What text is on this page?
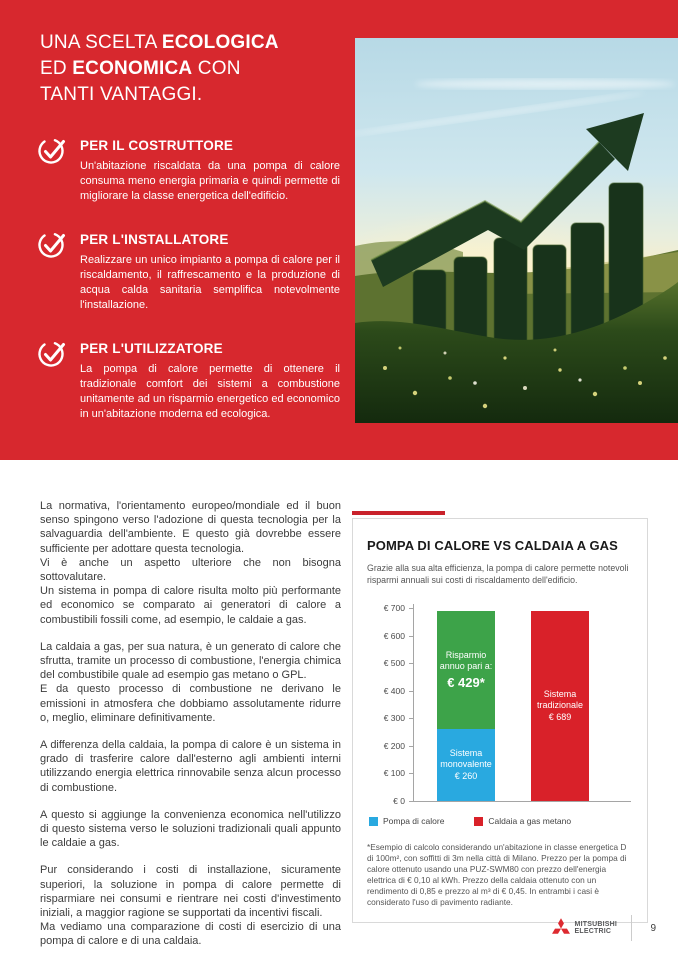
UNA SCELTA ECOLOGICA
ED ECONOMICA CON
TANTI VANTAGGI.
PER IL COSTRUTTORE

Un'abitazione riscaldata da una pompa di calore consuma meno energia primaria e quindi permette di migliorare la classe energetica dell'edificio.

PER L'INSTALLATORE

Realizzare un unico impianto a pompa di calore per il riscaldamento, il raffrescamento e la produzione di acqua calda sanitaria semplifica notevolmente l'installazione.

PER L'UTILIZZATORE

La pompa di calore permette di ottenere il tradizionale comfort dei sistemi a combustione unitamente ad un risparmio energetico ed economico in un'abitazione moderna ed ecologica.

La normativa, l'orientamento europeo/mondiale ed il buon senso spingono verso l'adozione di questa tecnologia per la salvaguardia dell'ambiente. E questo già dovrebbe essere sufficiente per adottare questa tecnologia.

Vi è anche un aspetto ulteriore che non bisogna sottovalutare.

Un sistema in pompa di calore risulta molto più performante ed economico se comparato ai generatori di calore a combustibili fossili come, ad esempio, le caldaie a gas.

La caldaia a gas, per sua natura, è un generato di calore che sfrutta, tramite un processo di combustione, l'energia chimica del combustibile quale ad esempio gas metano o GPL.

E da questo processo di combustione ne derivano le emissioni in atmosfera che dobbiamo assolutamente ridurre o, meglio, eliminare definitivamente.

A differenza della caldaia, la pompa di calore è un sistema in grado di trasferire calore dall'esterno agli ambienti interni utilizzando energia elettrica rinnovabile senza alcun processo di combustione.

A questo si aggiunge la convenienza economica nell'utilizzo di questo sistema verso le soluzioni tradizionali quali appunto le caldaie a gas.

Pur considerando i costi di installazione, sicuramente superiori, la soluzione in pompa di calore permette di risparmiare nei consumi e rientrare nei costi d'investimento iniziali, a maggior ragione se supportati da incentivi fiscali.

Ma vediamo una comparazione di costi di esercizio di una pompa di calore e di una caldaia.

POMPA DI CALORE VS CALDAIA A GAS

Grazie alla sua alta efficienza, la pompa di calore permette notevoli risparmi annuali sui costi di riscaldamento dell'edificio.

€ 700
€ 600
€ 500
€ 400
€ 300
€ 200
€ 100
€ 0
Sistema
monovalente
€ 260
Risparmio
annuo pari a:
€ 429*
Sistema
tradizionale
€ 689
Pompa di calore	Caldaia a gas metano

*Esempio di calcolo considerando un'abitazione in classe energetica D di 100m², con soffitti di 3m nella città di Milano. Prezzo per la pompa di calore ottenuto usando una PUZ-SWM80 con prezzo dell'energia elettrica di € 0,10 al kWh. Prezzo della caldaia ottenuto con un rendimento di 0,85 e prezzo al m³ di € 0,45. In entrambi i casi è considerato l'uso di pavimento radiante.

MITSUBISHI
ELECTRIC	9
